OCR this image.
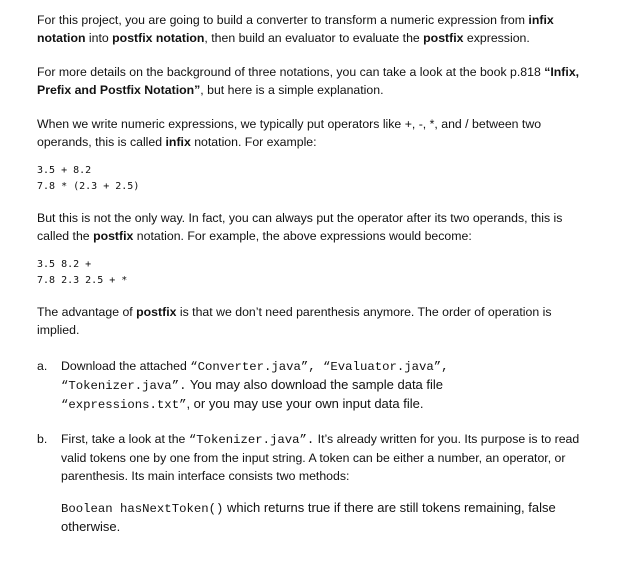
For this project, you are going to build a converter to transform a numeric expression from infix notation into postfix notation, then build an evaluator to evaluate the postfix expression.

For more details on the background of three notations, you can take a look at the book p.818 “Infix, Prefix and Postfix Notation”, but here is a simple explanation.

When we write numeric expressions, we typically put operators like +, -, *, and / between two operands, this is called infix notation. For example:

3.5 + 8.2
7.8 * (2.3 + 2.5)

But this is not the only way. In fact, you can always put the operator after its two operands, this is called the postfix notation. For example, the above expressions would become:

3.5 8.2 +
7.8 2.3 2.5 + *

The advantage of postfix is that we don’t need parenthesis anymore. The order of operation is implied.

a. Download the attached “Converter.java”, “Evaluator.java”,
“Tokenizer.java”. You may also download the sample data file
“expressions.txt”, or you may use your own input data file.
b. First, take a look at the “Tokenizer.java”. It’s already written for you. Its purpose is to read valid tokens one by one from the input string. A token can be either a number, an operator, or parenthesis. Its main interface consists two methods:
Boolean hasNextToken() which returns true if there are still tokens remaining, false otherwise.
